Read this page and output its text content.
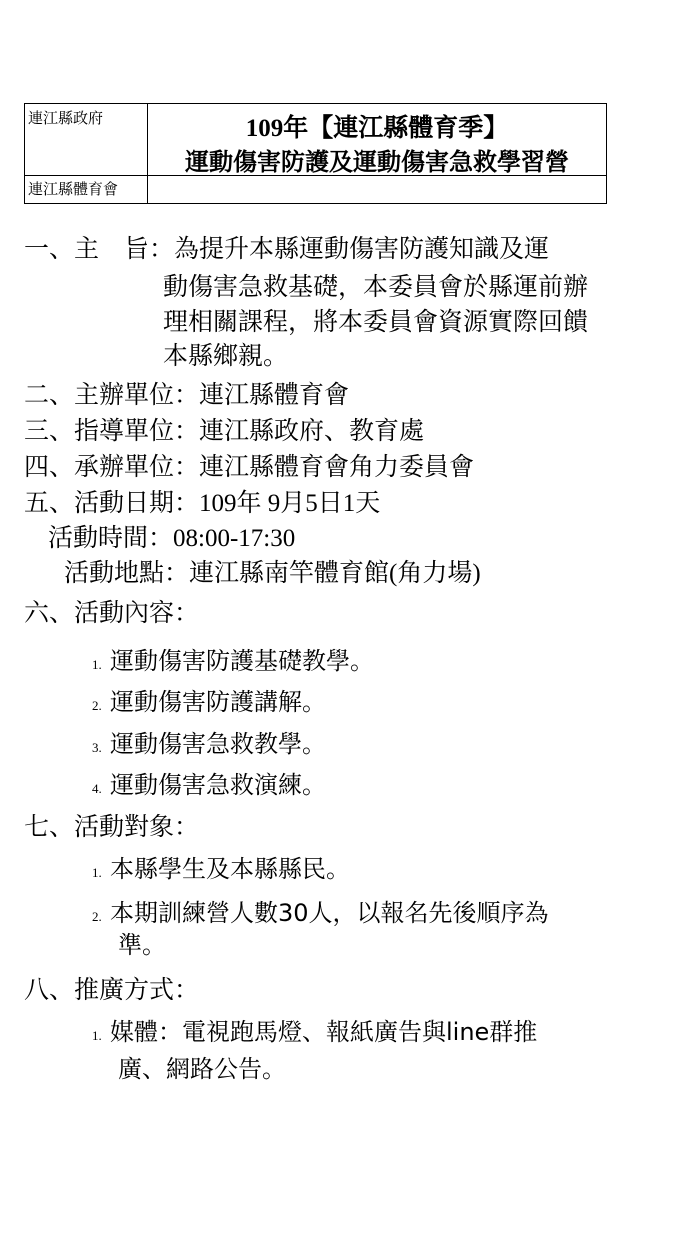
連江縣政府	109年【連江縣體育季】
運動傷害防護及運動傷害急救學習營
連江縣體育會
一、主　旨：為提升本縣運動傷害防護知識及運
動傷害急救基礎，本委員會於縣運前辦
理相關課程，將本委員會資源實際回饋
本縣鄉親。
二、主辦單位：連江縣體育會
三、指導單位：連江縣政府、教育處
四、承辦單位：連江縣體育會角力委員會
五、活動日期：109年 9月5日1天
活動時間：08:00-17:30
活動地點：連江縣南竿體育館(角力場)
六、活動內容：
1. 運動傷害防護基礎教學。
2. 運動傷害防護講解。
3. 運動傷害急救教學。
4. 運動傷害急救演練。
七、活動對象：
1. 本縣學生及本縣縣民。
2. 本期訓練營人數30人，以報名先後順序為
準。
八、推廣方式：
1. 媒體：電視跑馬燈、報紙廣告與line群推
廣、網路公告。
